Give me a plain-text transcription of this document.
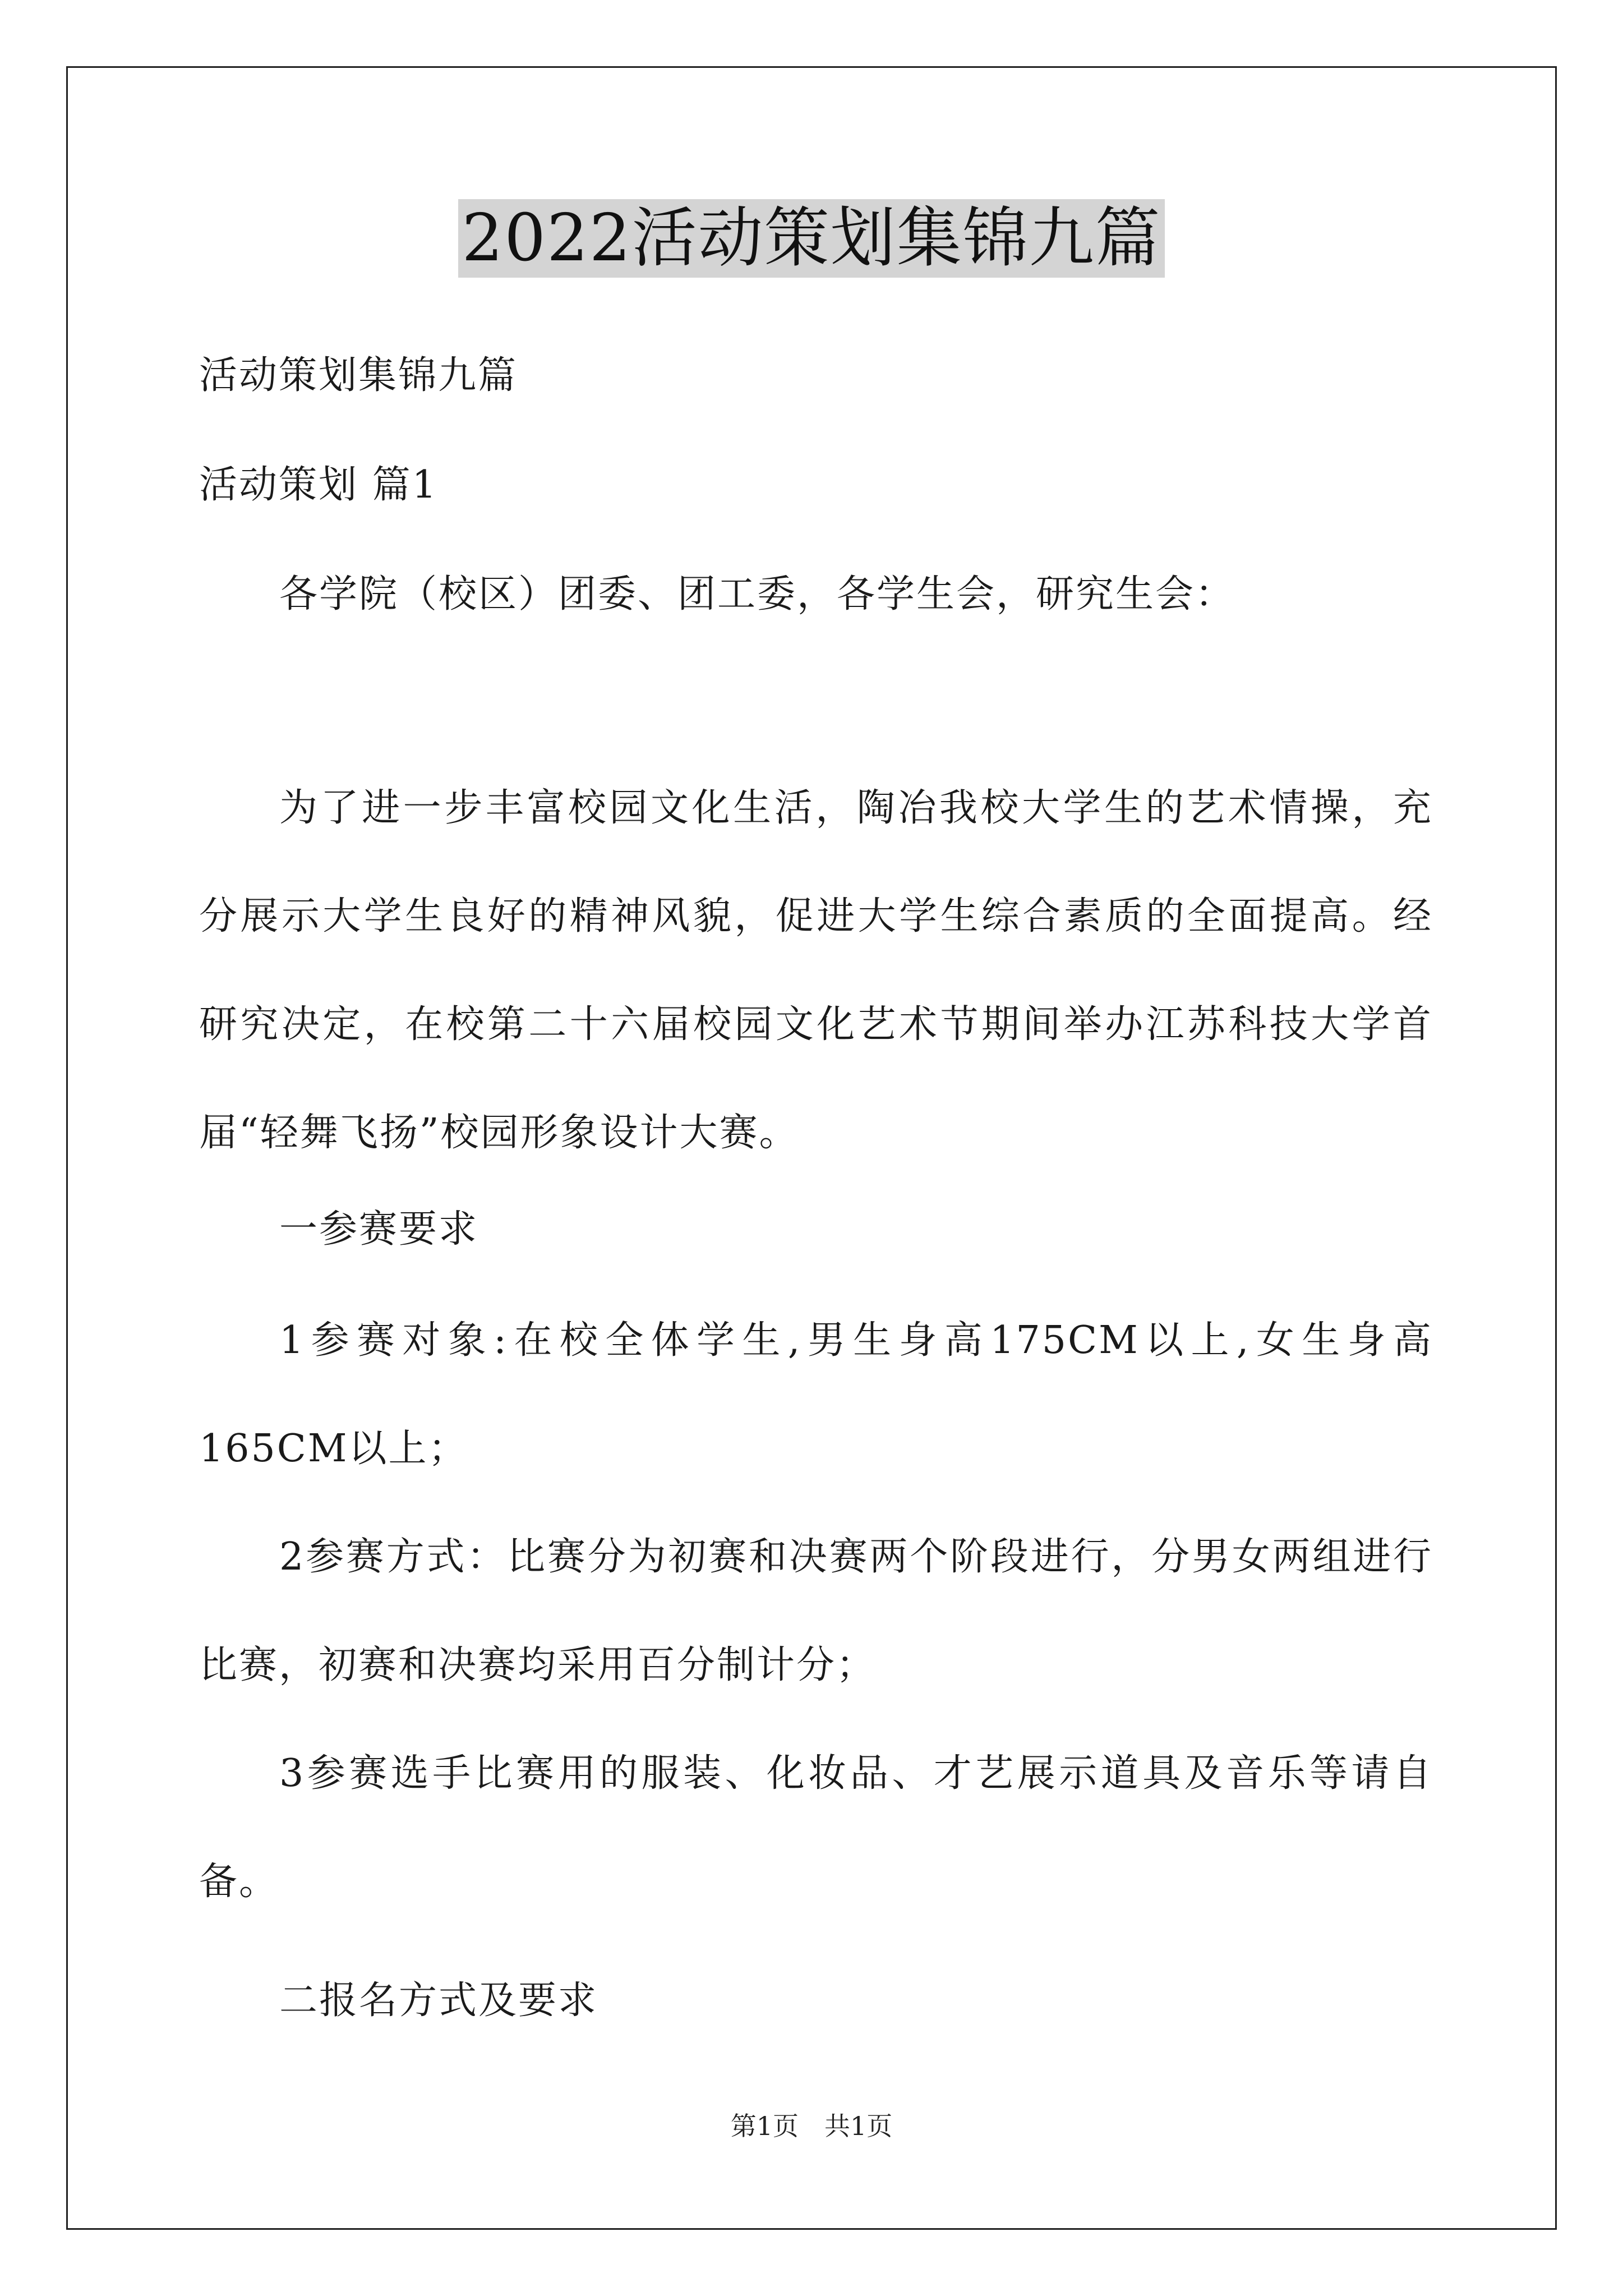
2022活动策划集锦九篇
活动策划集锦九篇
活动策划 篇1
各学院（校区）团委、团工委，各学生会，研究生会：
为了进一步丰富校园文化生活，陶冶我校大学生的艺术情操，充分展示大学生良好的精神风貌，促进大学生综合素质的全面提高。经研究决定，在校第二十六届校园文化艺术节期间举办江苏科技大学首届“轻舞飞扬”校园形象设计大赛。
一参赛要求
1参赛对象:在校全体学生,男生身高175CM以上,女生身高165CM以上；
2参赛方式：比赛分为初赛和决赛两个阶段进行，分男女两组进行比赛，初赛和决赛均采用百分制计分；
3参赛选手比赛用的服装、化妆品、才艺展示道具及音乐等请自备。
二报名方式及要求
第1页　共1页
